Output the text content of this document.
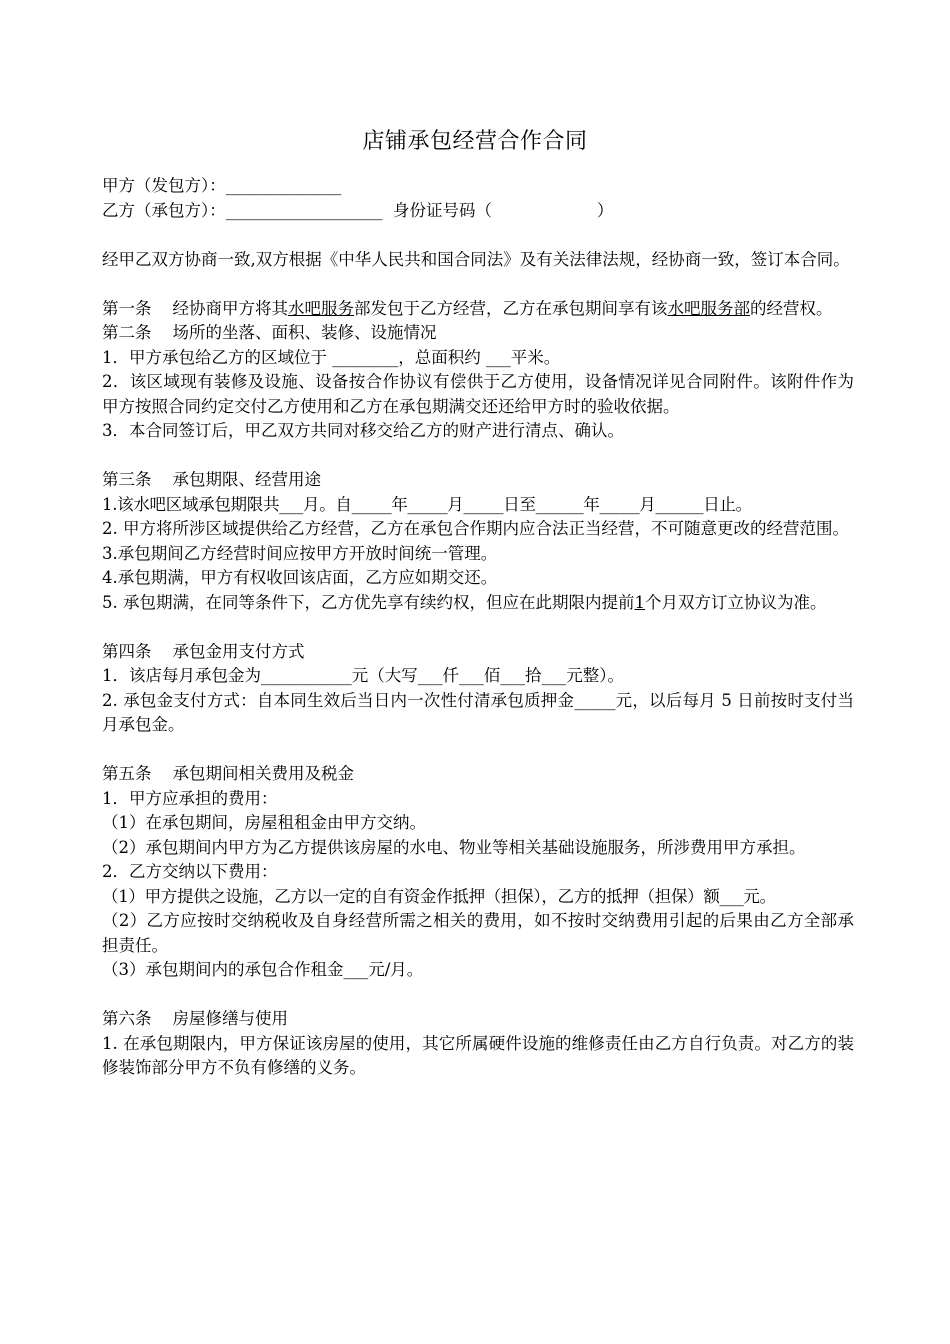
店铺承包经营合作合同

甲方（发包方）：______________

乙方（承包方）：___________________  身份证号码（                    ）

经甲乙双方协商一致,双方根据《中华人民共和国合同法》及有关法律法规，经协商一致，签订本合同。

第一条    经协商甲方将其水吧服务部发包于乙方经营，乙方在承包期间享有该水吧服务部的经营权。

第二条    场所的坐落、面积、装修、设施情况

1．甲方承包给乙方的区域位于 ________，总面积约 ___平米。

2．该区域现有装修及设施、设备按合作协议有偿供于乙方使用，设备情况详见合同附件。该附件作为甲方按照合同约定交付乙方使用和乙方在承包期满交还还给甲方时的验收依据。

3．本合同签订后，甲乙双方共同对移交给乙方的财产进行清点、确认。

第三条    承包期限、经营用途

1.该水吧区域承包期限共___月。自_____年_____月_____日至______年_____月______日止。

2. 甲方将所涉区域提供给乙方经营，乙方在承包合作期内应合法正当经营，不可随意更改的经营范围。

3.承包期间乙方经营时间应按甲方开放时间统一管理。

4.承包期满，甲方有权收回该店面，乙方应如期交还。

5. 承包期满，在同等条件下，乙方优先享有续约权，但应在此期限内提前1个月双方订立协议为准。

第四条    承包金用支付方式

1．该店每月承包金为___________元（大写___仟___佰___拾___元整）。

2. 承包金支付方式：自本同生效后当日内一次性付清承包质押金_____元，以后每月 5 日前按时支付当月承包金。

第五条    承包期间相关费用及税金

1．甲方应承担的费用：

（1）在承包期间，房屋租租金由甲方交纳。

（2）承包期间内甲方为乙方提供该房屋的水电、物业等相关基础设施服务，所涉费用甲方承担。

2．乙方交纳以下费用：

（1）甲方提供之设施，乙方以一定的自有资金作抵押（担保），乙方的抵押（担保）额___元。

（2）乙方应按时交纳税收及自身经营所需之相关的费用，如不按时交纳费用引起的后果由乙方全部承担责任。

（3）承包期间内的承包合作租金___元/月。

第六条    房屋修缮与使用

1. 在承包期限内，甲方保证该房屋的使用，其它所属硬件设施的维修责任由乙方自行负责。对乙方的装修装饰部分甲方不负有修缮的义务。
